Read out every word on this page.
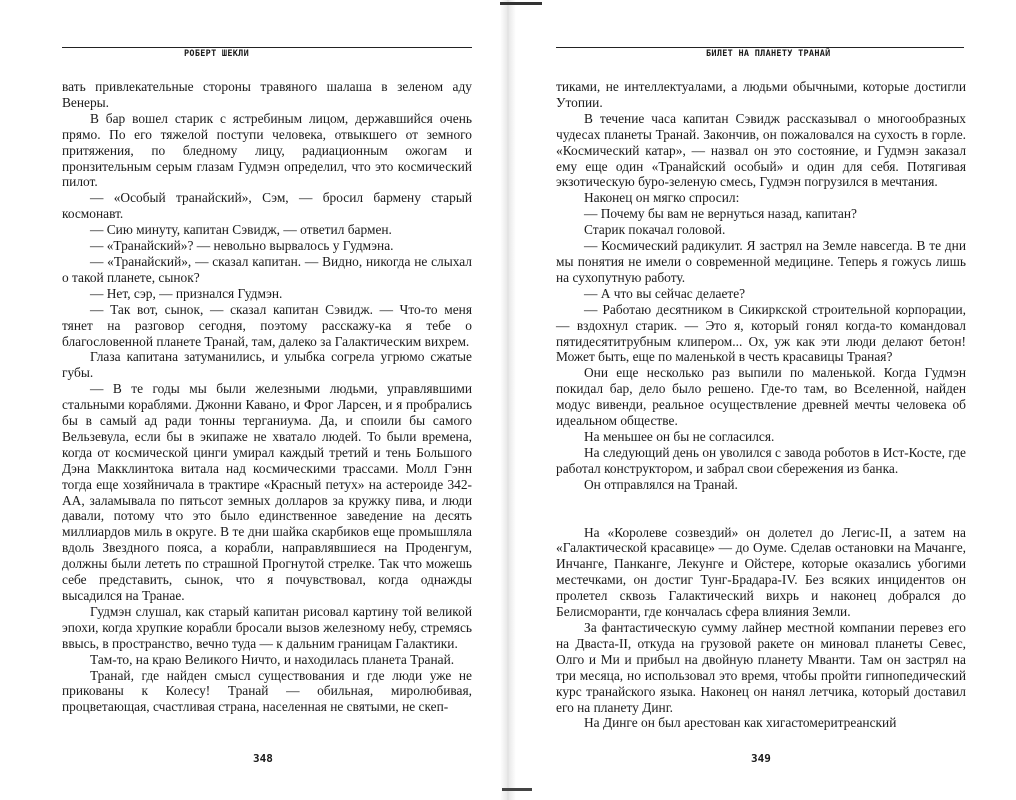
РОБЕРТ ШЕКЛИ

вать привлекательные стороны травяного шалаша в зеленом аду Венеры.

В бар вошел старик с ястребиным лицом, державшийся очень прямо. По его тяжелой поступи человека, отвыкшего от земного притяжения, по бледному лицу, радиационным ожогам и пронзительным серым глазам Гудмэн определил, что это космический пилот.

— «Особый транайский», Сэм, — бросил бармену старый космонавт.

— Сию минуту, капитан Сэвидж, — ответил бармен.

— «Транайский»? — невольно вырвалось у Гудмэна.

— «Транайский», — сказал капитан. — Видно, никогда не слыхал о такой планете, сынок?

— Нет, сэр, — признался Гудмэн.

— Так вот, сынок, — сказал капитан Сэвидж. — Что-то меня тянет на разговор сегодня, поэтому расскажу-ка я тебе о благословенной планете Транай, там, далеко за Галактическим вихрем.

Глаза капитана затуманились, и улыбка согрела угрюмо сжатые губы.

— В те годы мы были железными людьми, управлявшими стальными кораблями. Джонни Кавано, и Фрог Ларсен, и я пробрались бы в самый ад ради тонны терганиума. Да, и споили бы самого Вельзевула, если бы в экипаже не хватало людей. То были времена, когда от космической цинги умирал каждый третий и тень Большого Дэна Макклинтока витала над космическими трассами. Молл Гэнн тогда еще хозяйничала в трактире «Красный петух» на астероиде 342-АА, заламывала по пятьсот земных долларов за кружку пива, и люди давали, потому что это было единственное заведение на десять миллиардов миль в округе. В те дни шайка скарбиков еще промышляла вдоль Звездного пояса, а корабли, направлявшиеся на Проденгум, должны были лететь по страшной Прогнутой стрелке. Так что можешь себе представить, сынок, что я почувствовал, когда однажды высадился на Транае.

Гудмэн слушал, как старый капитан рисовал картину той великой эпохи, когда хрупкие корабли бросали вызов железному небу, стремясь ввысь, в пространство, вечно туда — к дальним границам Галактики.

Там-то, на краю Великого Ничто, и находилась планета Транай.

Транай, где найден смысл существования и где люди уже не прикованы к Колесу! Транай — обильная, миролюбивая, процветающая, счастливая страна, населенная не святыми, не скеп-

348
БИЛЕТ НА ПЛАНЕТУ ТРАНАЙ

тиками, не интеллектуалами, а людьми обычными, которые достигли Утопии.

В течение часа капитан Сэвидж рассказывал о многообразных чудесах планеты Транай. Закончив, он пожаловался на сухость в горле. «Космический катар», — назвал он это состояние, и Гудмэн заказал ему еще один «Транайский особый» и один для себя. Потягивая экзотическую буро-зеленую смесь, Гудмэн погрузился в мечтания.

Наконец он мягко спросил:

— Почему бы вам не вернуться назад, капитан?

Старик покачал головой.

— Космический радикулит. Я застрял на Земле навсегда. В те дни мы понятия не имели о современной медицине. Теперь я гожусь лишь на сухопутную работу.

— А что вы сейчас делаете?

— Работаю десятником в Сикиркской строительной корпорации, — вздохнул старик. — Это я, который гонял когда-то командовал пятидесятитрубным клипером... Ох, уж как эти люди делают бетон! Может быть, еще по маленькой в честь красавицы Траная?

Они еще несколько раз выпили по маленькой. Когда Гудмэн покидал бар, дело было решено. Где-то там, во Вселенной, найден модус вивенди, реальное осуществление древней мечты человека об идеальном обществе.

На меньшее он бы не согласился.

На следующий день он уволился с завода роботов в Ист-Косте, где работал конструктором, и забрал свои сбережения из банка.

Он отправлялся на Транай.

На «Королеве созвездий» он долетел до Легис-II, а затем на «Галактической красавице» — до Оуме. Сделав остановки на Мачанге, Инчанге, Панканге, Лекунге и Ойстере, которые оказались убогими местечками, он достиг Тунг-Брадара-IV. Без всяких инцидентов он пролетел сквозь Галактический вихрь и наконец добрался до Белисморанти, где кончалась сфера влияния Земли.

За фантастическую сумму лайнер местной компании перевез его на Дваста-II, откуда на грузовой ракете он миновал планеты Севес, Олго и Ми и прибыл на двойную планету Мванти. Там он застрял на три месяца, но использовал это время, чтобы пройти гипнопедический курс транайского языка. Наконец он нанял летчика, который доставил его на планету Динг.

На Динге он был арестован как хигастомеритреанский

349
